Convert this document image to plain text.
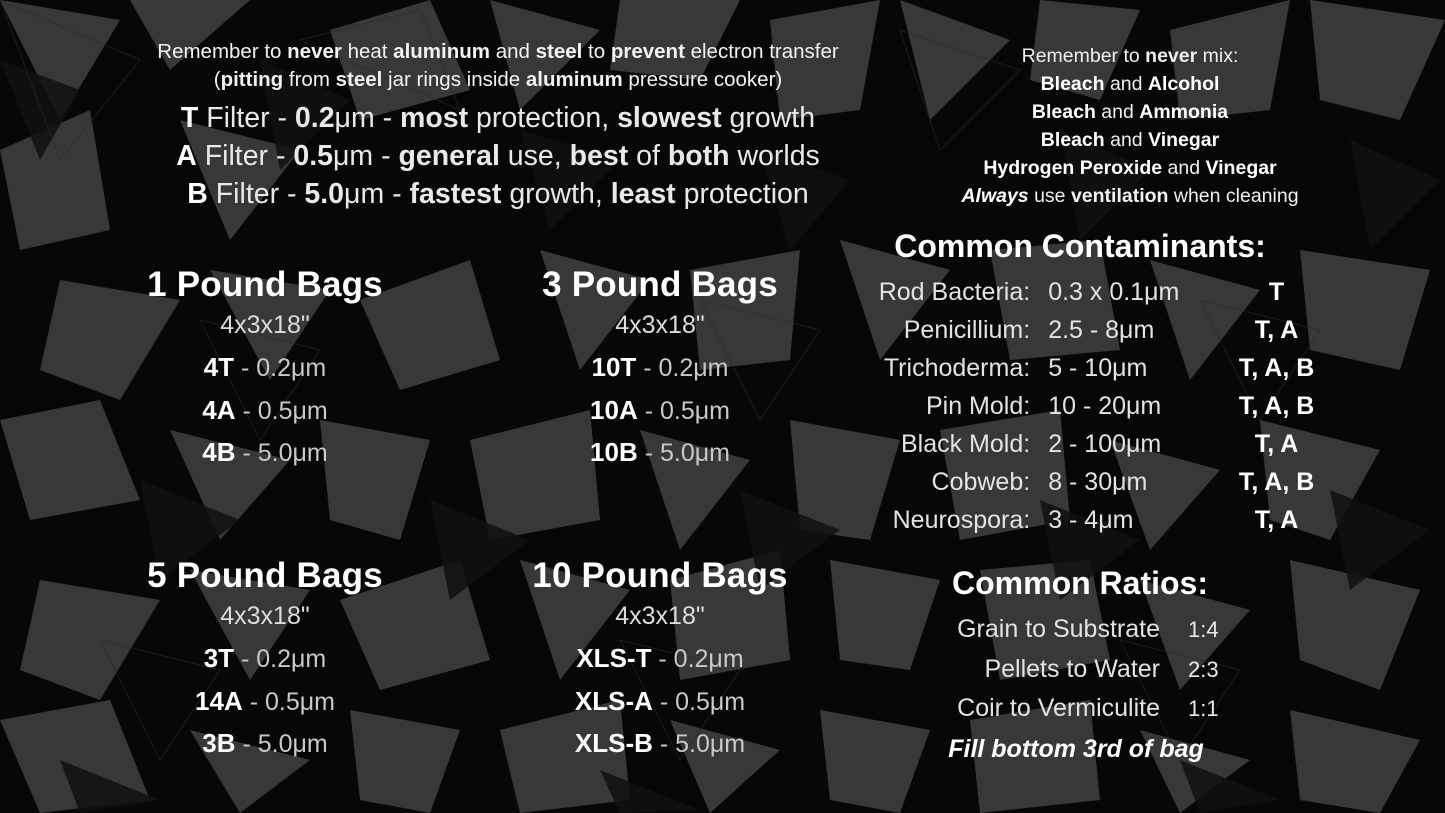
Remember to never heat aluminum and steel to prevent electron transfer
(pitting from steel jar rings inside aluminum pressure cooker)
T Filter - 0.2μm - most protection, slowest growth
A Filter - 0.5μm - general use, best of both worlds
B Filter - 5.0μm - fastest growth, least protection
1 Pound Bags
4x3x18"
4T - 0.2μm
4A - 0.5μm
4B - 5.0μm
3 Pound Bags
4x3x18"
10T - 0.2μm
10A - 0.5μm
10B - 5.0μm
5 Pound Bags
4x3x18"
3T - 0.2μm
14A - 0.5μm
3B - 5.0μm
10 Pound Bags
4x3x18"
XLS-T - 0.2μm
XLS-A - 0.5μm
XLS-B - 5.0μm
Remember to never mix:
Bleach and Alcohol
Bleach and Ammonia
Bleach and Vinegar
Hydrogen Peroxide and Vinegar
Always use ventilation when cleaning
Common Contaminants:
Rod Bacteria: 0.3 x 0.1μm	T
Penicillium: 2.5 - 8μm	T, A
Trichoderma: 5 - 10μm	T, A, B
Pin Mold: 10 - 20μm	T, A, B
Black Mold: 2 - 100μm	T, A
Cobweb: 8 - 30μm	T, A, B
Neurospora: 3 - 4μm	T, A
Common Ratios:
Grain to Substrate	1:4
Pellets to Water	2:3
Coir to Vermiculite	1:1
Fill bottom 3rd of bag
